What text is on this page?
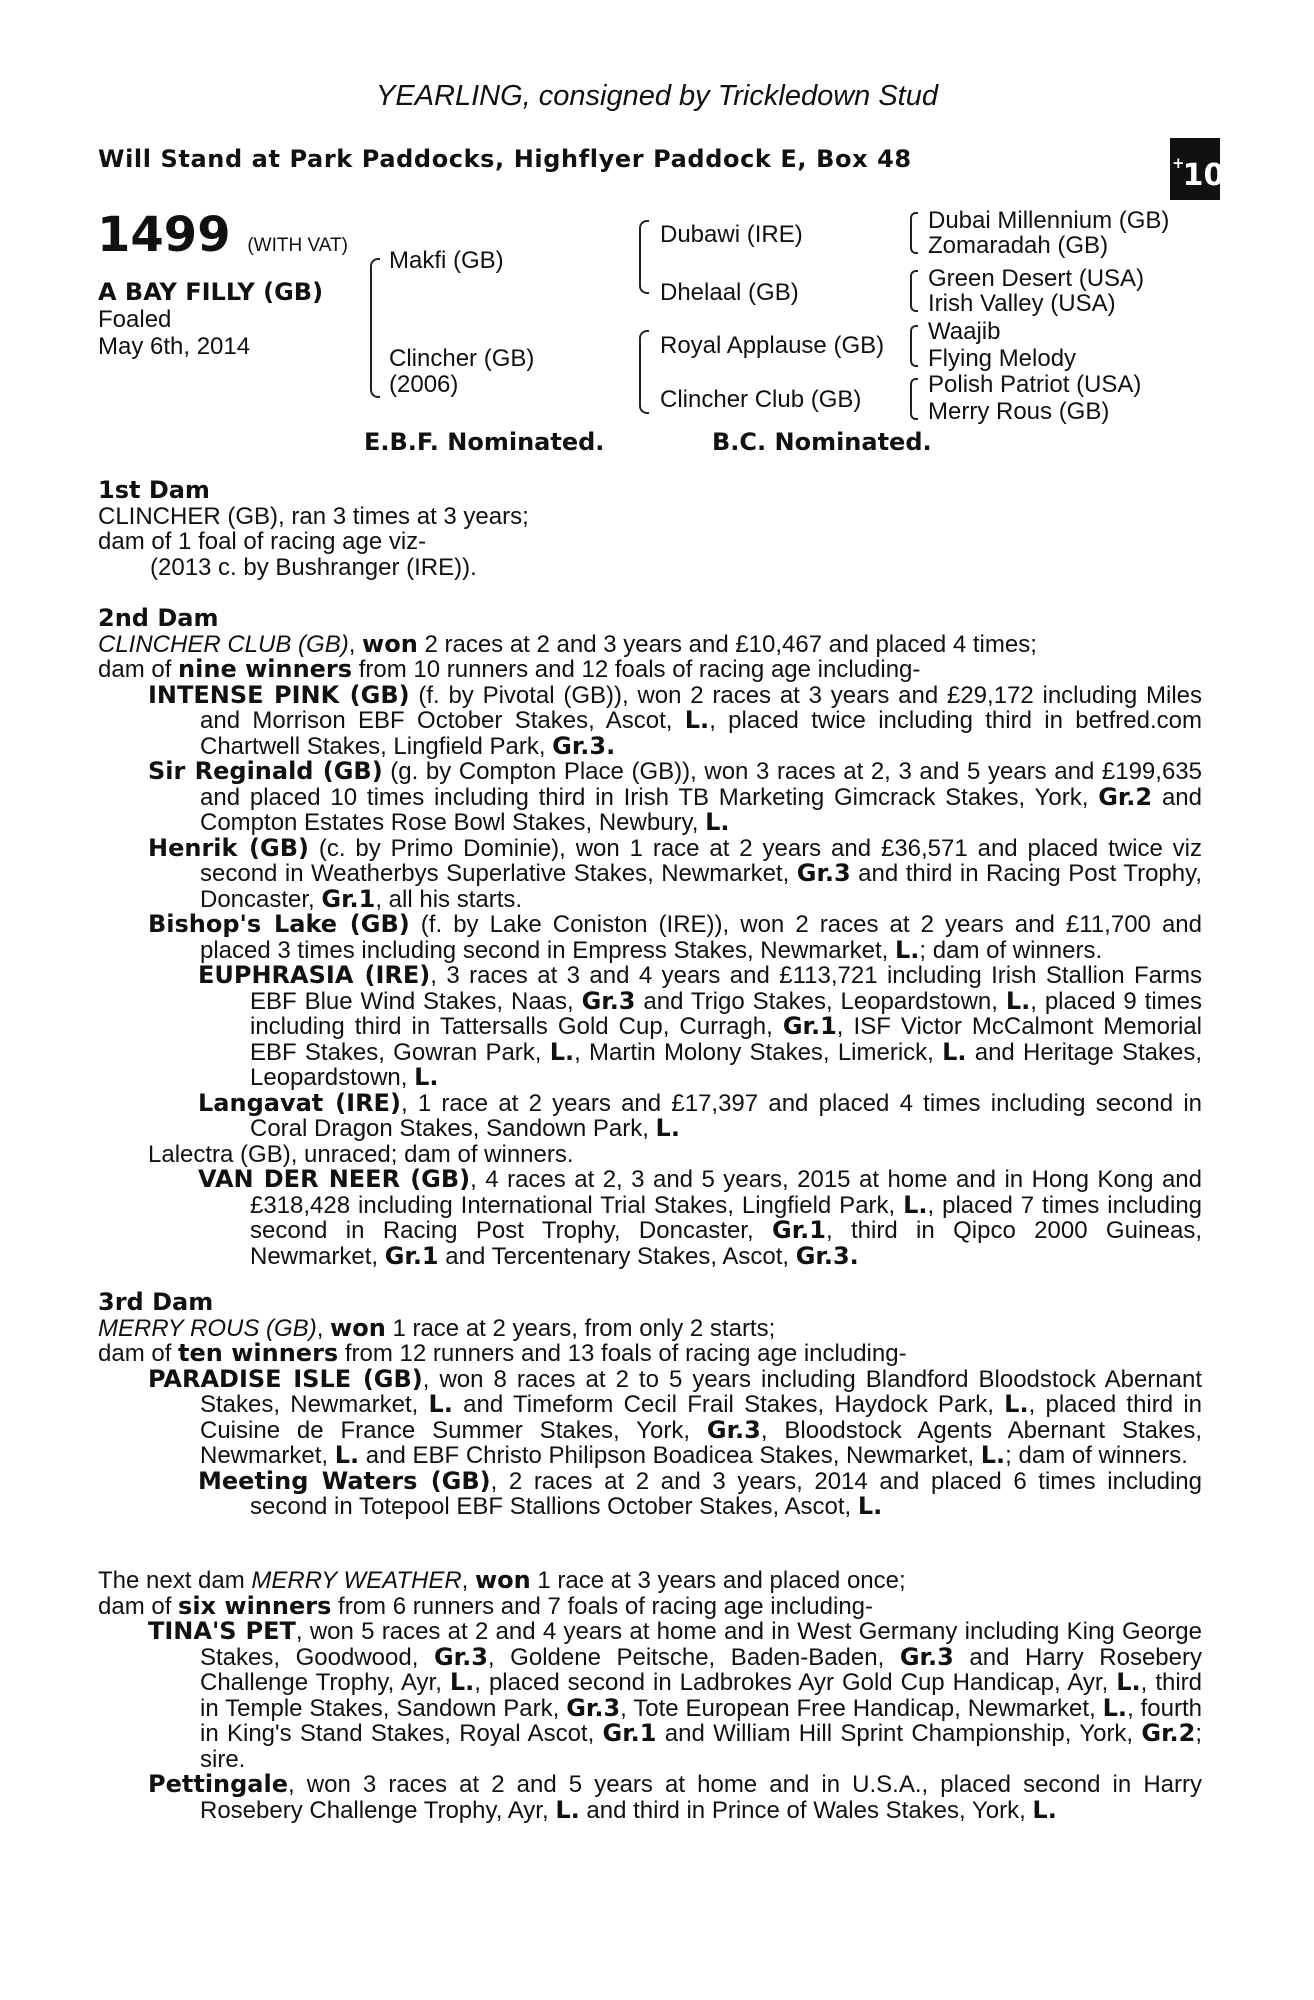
YEARLING, consigned by Trickledown Stud
Will Stand at Park Paddocks, Highflyer Paddock E, Box 48	+10
1499 (WITH VAT)
A BAY FILLY (GB)
Foaled
May 6th, 2014
Makfi (GB)
Clincher (GB)
(2006)
Dubawi (IRE)
Dhelaal (GB)
Royal Applause (GB)
Clincher Club (GB)
Dubai Millennium (GB)
Zomaradah (GB)
Green Desert (USA)
Irish Valley (USA)
Waajib
Flying Melody
Polish Patriot (USA)
Merry Rous (GB)
E.B.F. Nominated.	B.C. Nominated.
1st Dam
CLINCHER (GB), ran 3 times at 3 years;
dam of 1 foal of racing age viz-
(2013 c. by Bushranger (IRE)).
2nd Dam
CLINCHER CLUB (GB), won 2 races at 2 and 3 years and £10,467 and placed 4 times;
dam of nine winners from 10 runners and 12 foals of racing age including-

INTENSE PINK (GB) (f. by Pivotal (GB)), won 2 races at 3 years and £29,172 including Miles and Morrison EBF October Stakes, Ascot, L., placed twice including third in betfred.com Chartwell Stakes, Lingfield Park, Gr.3.

Sir Reginald (GB) (g. by Compton Place (GB)), won 3 races at 2, 3 and 5 years and £199,635 and placed 10 times including third in Irish TB Marketing Gimcrack Stakes, York, Gr.2 and Compton Estates Rose Bowl Stakes, Newbury, L.

Henrik (GB) (c. by Primo Dominie), won 1 race at 2 years and £36,571 and placed twice viz second in Weatherbys Superlative Stakes, Newmarket, Gr.3 and third in Racing Post Trophy, Doncaster, Gr.1, all his starts.

Bishop's Lake (GB) (f. by Lake Coniston (IRE)), won 2 races at 2 years and £11,700 and placed 3 times including second in Empress Stakes, Newmarket, L.; dam of winners.

EUPHRASIA (IRE), 3 races at 3 and 4 years and £113,721 including Irish Stallion Farms EBF Blue Wind Stakes, Naas, Gr.3 and Trigo Stakes, Leopardstown, L., placed 9 times including third in Tattersalls Gold Cup, Curragh, Gr.1, ISF Victor McCalmont Memorial EBF Stakes, Gowran Park, L., Martin Molony Stakes, Limerick, L. and Heritage Stakes, Leopardstown, L.

Langavat (IRE), 1 race at 2 years and £17,397 and placed 4 times including second in Coral Dragon Stakes, Sandown Park, L.

Lalectra (GB), unraced; dam of winners.

VAN DER NEER (GB), 4 races at 2, 3 and 5 years, 2015 at home and in Hong Kong and £318,428 including International Trial Stakes, Lingfield Park, L., placed 7 times including second in Racing Post Trophy, Doncaster, Gr.1, third in Qipco 2000 Guineas, Newmarket, Gr.1 and Tercentenary Stakes, Ascot, Gr.3.

3rd Dam
MERRY ROUS (GB), won 1 race at 2 years, from only 2 starts;
dam of ten winners from 12 runners and 13 foals of racing age including-

PARADISE ISLE (GB), won 8 races at 2 to 5 years including Blandford Bloodstock Abernant Stakes, Newmarket, L. and Timeform Cecil Frail Stakes, Haydock Park, L., placed third in Cuisine de France Summer Stakes, York, Gr.3, Bloodstock Agents Abernant Stakes, Newmarket, L. and EBF Christo Philipson Boadicea Stakes, Newmarket, L.; dam of winners.

Meeting Waters (GB), 2 races at 2 and 3 years, 2014 and placed 6 times including second in Totepool EBF Stallions October Stakes, Ascot, L.

The next dam MERRY WEATHER, won 1 race at 3 years and placed once;
dam of six winners from 6 runners and 7 foals of racing age including-

TINA'S PET, won 5 races at 2 and 4 years at home and in West Germany including King George Stakes, Goodwood, Gr.3, Goldene Peitsche, Baden-Baden, Gr.3 and Harry Rosebery Challenge Trophy, Ayr, L., placed second in Ladbrokes Ayr Gold Cup Handicap, Ayr, L., third in Temple Stakes, Sandown Park, Gr.3, Tote European Free Handicap, Newmarket, L., fourth in King's Stand Stakes, Royal Ascot, Gr.1 and William Hill Sprint Championship, York, Gr.2; sire.

Pettingale, won 3 races at 2 and 5 years at home and in U.S.A., placed second in Harry Rosebery Challenge Trophy, Ayr, L. and third in Prince of Wales Stakes, York, L.
